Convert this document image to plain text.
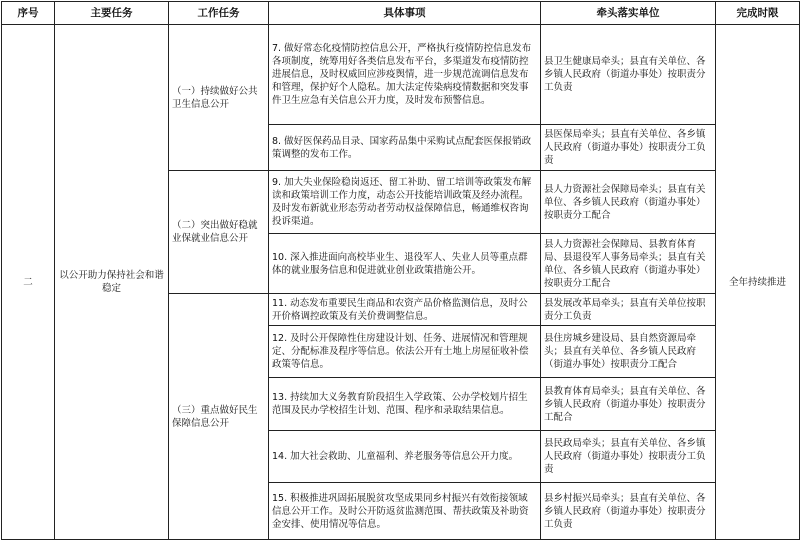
序号	主要任务	工作任务	具体事项	牵头落实单位	完成时限
二	以公开助力保持社会和谐稳定	（一）持续做好公共卫生信息公开	7. 做好常态化疫情防控信息公开，严格执行疫情防控信息发布各项制度，统筹用好各类信息发布平台，多渠道发布疫情防控进展信息，及时权威回应涉疫舆情，进一步规范流调信息发布和管理，保护好个人隐私。加大法定传染病疫情数据和突发事件卫生应急有关信息公开力度，及时发布预警信息。	县卫生健康局牵头；县直有关单位、各乡镇人民政府（街道办事处）按职责分工负责	全年持续推进
			8. 做好医保药品目录、国家药品集中采购试点配套医保报销政策调整的发布工作。	县医保局牵头；县直有关单位、各乡镇人民政府（街道办事处）按职责分工负责	
		（二）突出做好稳就业保就业信息公开	9. 加大失业保险稳岗返还、留工补助、留工培训等政策发布解读和政策培训工作力度，动态公开技能培训政策及经办流程。及时发布新就业形态劳动者劳动权益保障信息，畅通维权咨询投诉渠道。	县人力资源社会保障局牵头；县直有关单位、各乡镇人民政府（街道办事处）按职责分工配合	
			10. 深入推进面向高校毕业生、退役军人、失业人员等重点群体的就业服务信息和促进就业创业政策措施公开。	县人力资源社会保障局、县教育体育局、县退役军人事务局牵头；县直有关单位、各乡镇人民政府（街道办事处）按职责分工配合	
		（三）重点做好民生保障信息公开	11. 动态发布重要民生商品和农资产品价格监测信息，及时公开价格调控政策及有关价费调整信息。	县发展改革局牵头；县直有关单位按职责分工负责	
			12. 及时公开保障性住房建设计划、任务、进展情况和管理规定、分配标准及程序等信息。依法公开有土地上房屋征收补偿政策等信息。	县住房城乡建设局、县自然资源局牵头；县直有关单位、各乡镇人民政府（街道办事处）按职责分工配合	
			13. 持续加大义务教育阶段招生入学政策、公办学校划片招生范围及民办学校招生计划、范围、程序和录取结果信息。	县教育体育局牵头；县直有关单位、各乡镇人民政府（街道办事处）按职责分工配合	
			14. 加大社会救助、儿童福利、养老服务等信息公开力度。	县民政局牵头；县直有关单位、各乡镇人民政府（街道办事处）按职责分工负责	
			15. 积极推进巩固拓展脱贫攻坚成果同乡村振兴有效衔接领域信息公开工作。及时公开防返贫监测范围、帮扶政策及补助资金安排、使用情况等信息。	县乡村振兴局牵头；县直有关单位、各乡镇人民政府（街道办事处）按职责分工负责	
